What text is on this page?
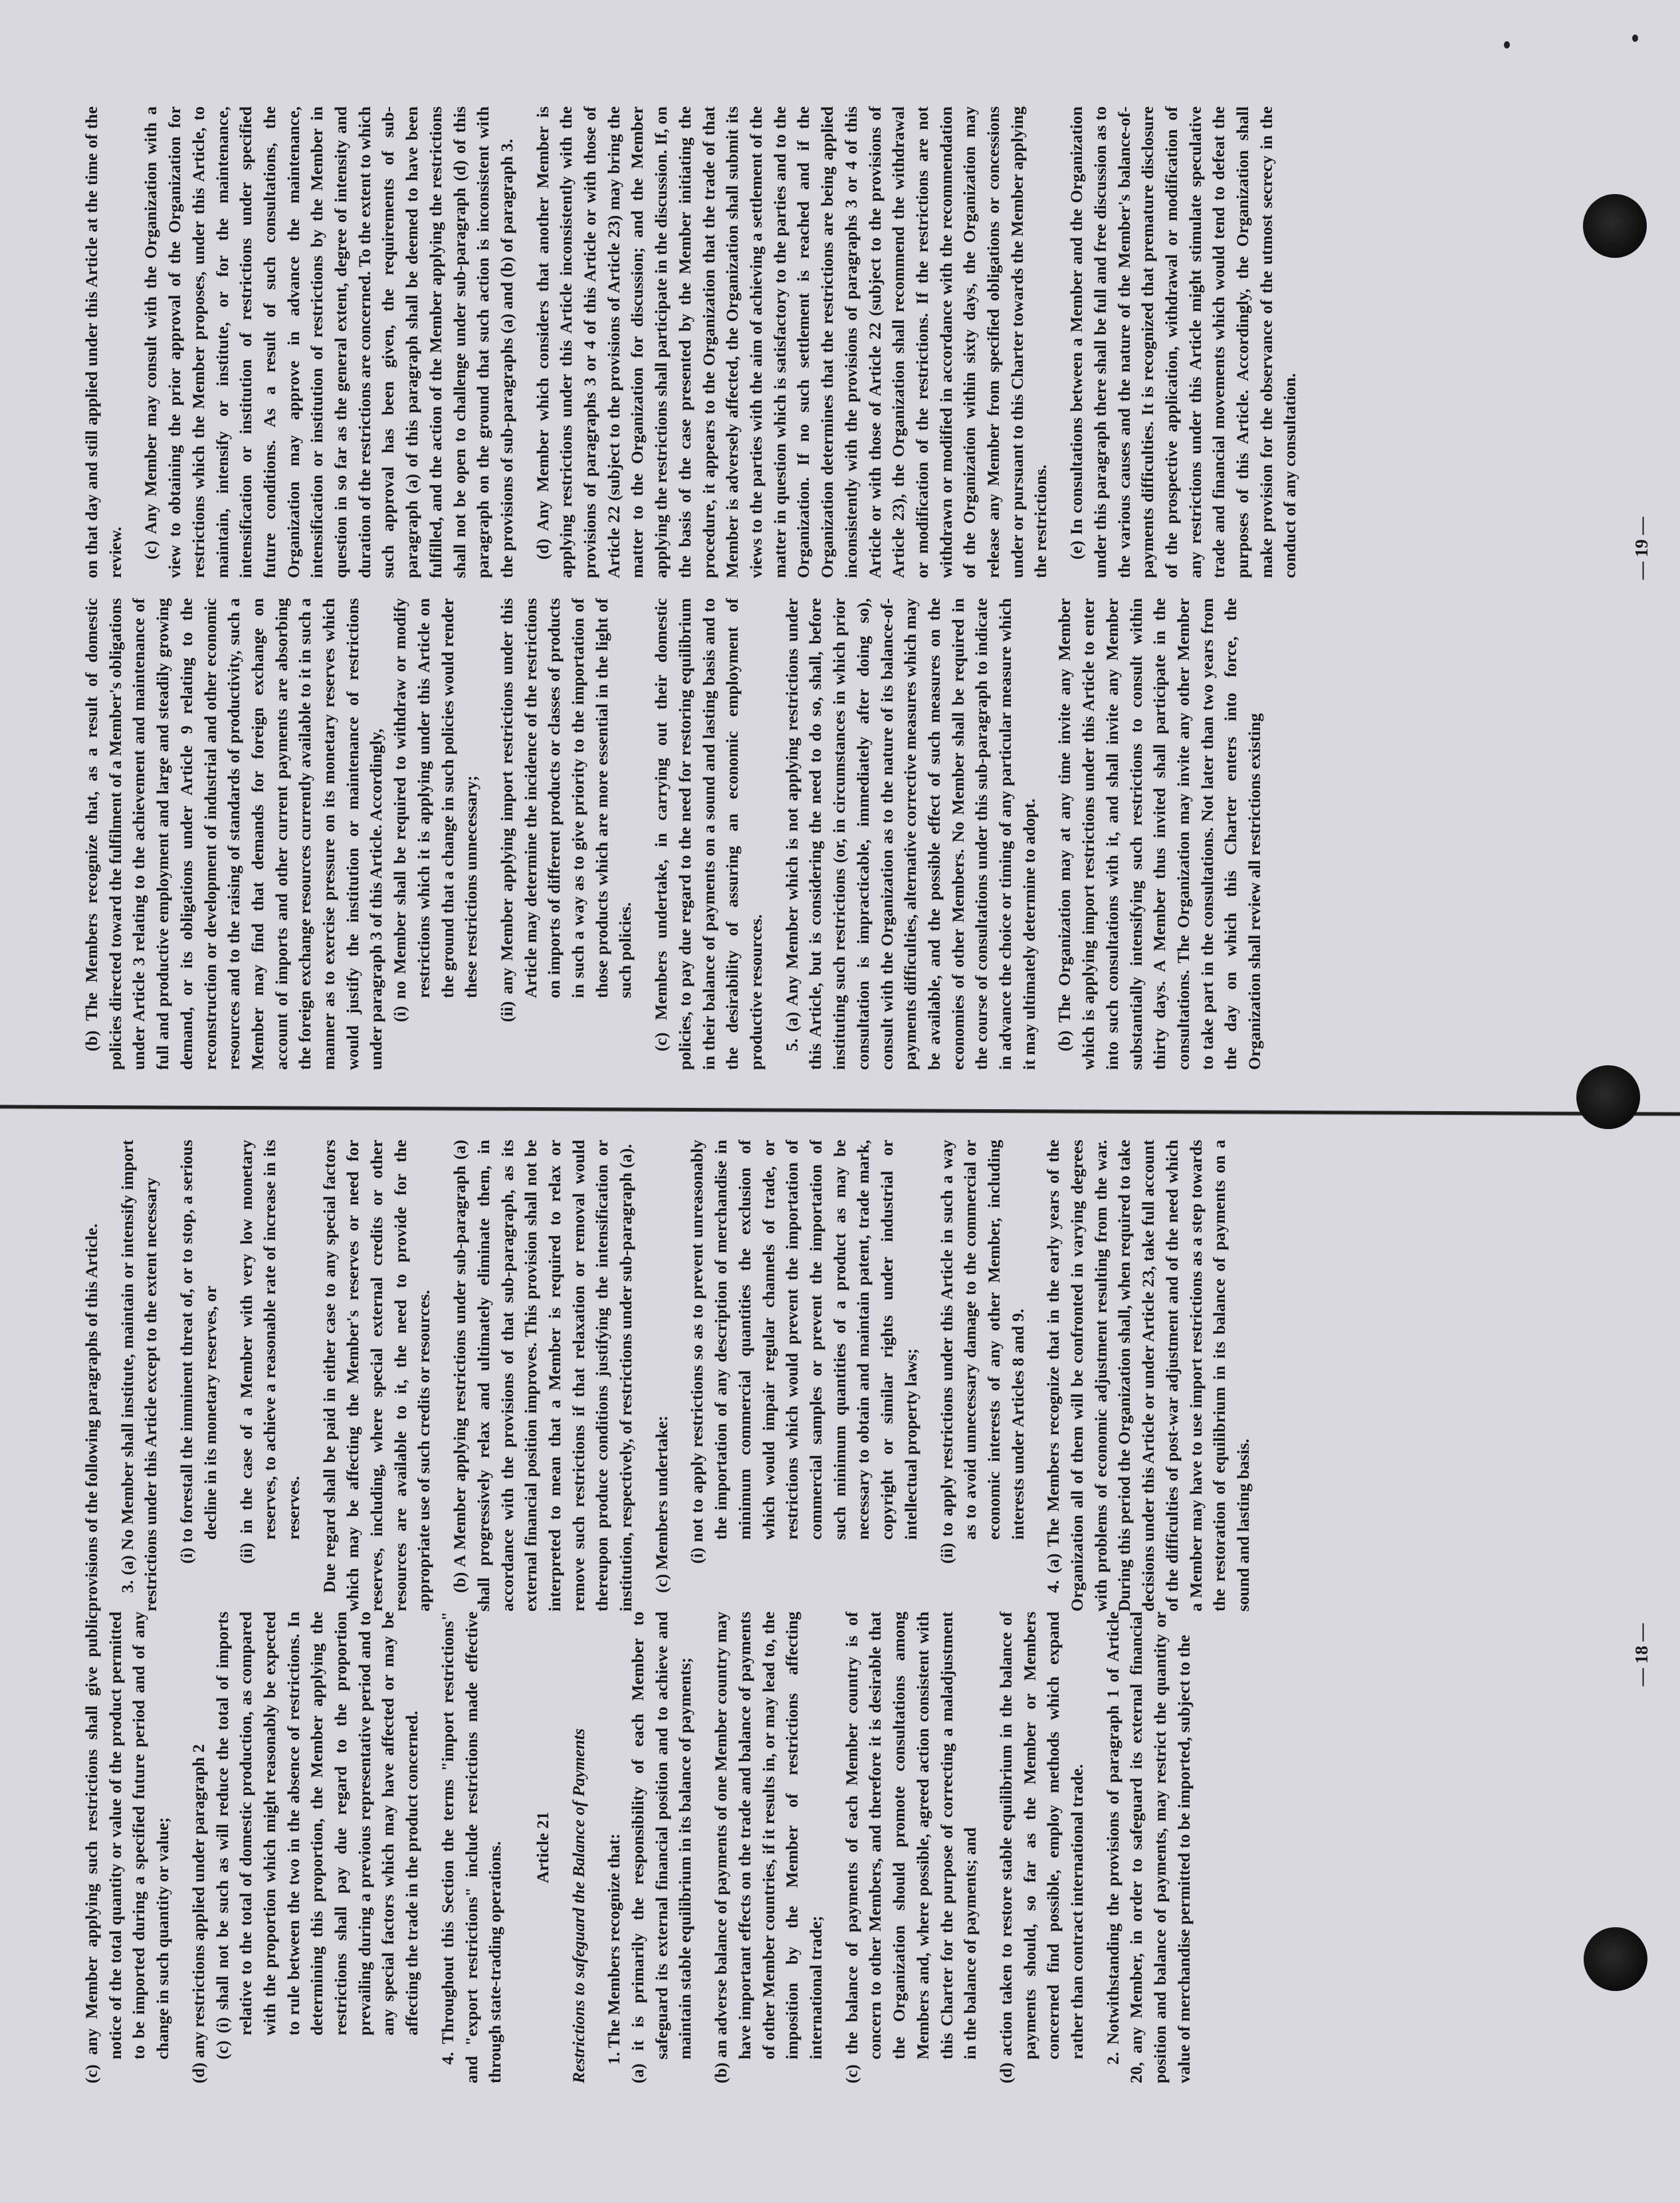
(c) any Member applying such restrictions shall give public notice of the total quantity or value of the product permitted to be imported during a specified future period and of any change in such quantity or value; (d) any restrictions applied under paragraph 2 (c) (i) shall not be such as will reduce the total of imports relative to the total of domestic production, as compared with the proportion which might reasonably be expected to rule between the two in the absence of restrictions. In determining this proportion, the Member applying the restrictions shall pay due regard to the proportion prevailing during a previous representative period and to any special factors which may have affected or may be affecting the trade in the product concerned. 4. Throughout this Section the terms "import restrictions" and "export restrictions" include restrictions made effective through state-trading operations. Article 21 Restrictions to safeguard the Balance of Payments 1. The Members recognize that: (a) it is primarily the responsibility of each Member to safeguard its external financial position and to achieve and maintain stable equilibrium in its balance of payments; (b) an adverse balance of payments of one Member country may have important effects on the trade and balance of payments of other Member countries, if it results in, or may lead to, the imposition by the Member of restrictions affecting international trade; (c) the balance of payments of each Member country is of concern to other Members, and therefore it is desirable that the Organization should promote consultations among Members and, where possible, agreed action consistent with this Charter for the purpose of correcting a maladjustment in the balance of payments; and (d) action taken to restore stable equilibrium in the balance of payments should, so far as the Member or Members concerned find possible, employ methods which expand rather than contract international trade. 2. Notwithstanding the provisions of paragraph 1 of Article 20, any Member, in order to safeguard its external financial position and balance of payments, may restrict the quantity or value of merchandise permitted to be imported, subject to the

provisions of the following paragraphs of this Article. 3. (a) No Member shall institute, maintain or intensify import restrictions under this Article except to the extent necessary (i) to forestall the imminent threat of, or to stop, a serious decline in its monetary reserves, or (ii) in the case of a Member with very low monetary reserves, to achieve a reasonable rate of increase in its reserves. Due regard shall be paid in either case to any special factors which may be affecting the Member's reserves or need for reserves, including, where special external credits or other resources are available to it, the need to provide for the appropriate use of such credits or resources. (b) A Member applying restrictions under sub-paragraph (a) shall progressively relax and ultimately eliminate them, in accordance with the provisions of that sub-paragraph, as its external financial position improves. This provision shall not be interpreted to mean that a Member is required to relax or remove such restrictions if that relaxation or removal would thereupon produce conditions justifying the intensification or institution, respectively, of restrictions under sub-paragraph (a). (c) Members undertake: (i) not to apply restrictions so as to prevent unreasonably the importation of any description of merchandise in minimum commercial quantities the exclusion of which would impair regular channels of trade, or restrictions which would prevent the importation of commercial samples or prevent the importation of such minimum quantities of a product as may be necessary to obtain and maintain patent, trade mark, copyright or similar rights under industrial or intellectual property laws; (ii) to apply restrictions under this Article in such a way as to avoid unnecessary damage to the commercial or economic interests of any other Member, including interests under Articles 8 and 9. 4. (a) The Members recognize that in the early years of the Organization all of them will be confronted in varying degrees with problems of economic adjustment resulting from the war. During this period the Organization shall, when required to take decisions under this Article or under Article 23, take full account of the difficulties of post-war adjustment and of the need which a Member may have to use import restrictions as a step towards the restoration of equilibrium in its balance of payments on a sound and lasting basis.

— 18 —

(b) The Members recognize that, as a result of domestic policies directed toward the fulfilment of a Member's obligations under Article 3 relating to the achievement and maintenance of full and productive employment and large and steadily growing demand, or its obligations under Article 9 relating to the reconstruction or development of industrial and other economic resources and to the raising of standards of productivity, such a Member may find that demands for foreign exchange on account of imports and other current payments are absorbing the foreign exchange resources currently available to it in such a manner as to exercise pressure on its monetary reserves which would justify the institution or maintenance of restrictions under paragraph 3 of this Article. Accordingly, (i) no Member shall be required to withdraw or modify restrictions which it is applying under this Article on the ground that a change in such policies would render these restrictions unnecessary; (ii) any Member applying import restrictions under this Article may determine the incidence of the restrictions on imports of different products or classes of products in such a way as to give priority to the importation of those products which are more essential in the light of such policies. (c) Members undertake, in carrying out their domestic policies, to pay due regard to the need for restoring equilibrium in their balance of payments on a sound and lasting basis and to the desirability of assuring an economic employment of productive resources. 5. (a) Any Member which is not applying restrictions under this Article, but is considering the need to do so, shall, before instituting such restrictions (or, in circumstances in which prior consultation is impracticable, immediately after doing so), consult with the Organization as to the nature of its balance-of-payments difficulties, alternative corrective measures which may be available, and the possible effect of such measures on the economies of other Members. No Member shall be required in the course of consultations under this sub-paragraph to indicate in advance the choice or timing of any particular measure which it may ultimately determine to adopt. (b) The Organization may at any time invite any Member which is applying import restrictions under this Article to enter into such consultations with it, and shall invite any Member substantially intensifying such restrictions to consult within thirty days. A Member thus invited shall participate in the consultations. The Organization may invite any other Member to take part in the consultations. Not later than two years from the day on which this Charter enters into force, the Organization shall review all restrictions existing

on that day and still applied under this Article at the time of the review. (c) Any Member may consult with the Organization with a view to obtaining the prior approval of the Organization for restrictions which the Member proposes, under this Article, to maintain, intensify or institute, or for the maintenance, intensification or institution of restrictions under specified future conditions. As a result of such consultations, the Organization may approve in advance the maintenance, intensification or institution of restrictions by the Member in question in so far as the general extent, degree of intensity and duration of the restrictions are concerned. To the extent to which such approval has been given, the requirements of sub-paragraph (a) of this paragraph shall be deemed to have been fulfilled, and the action of the Member applying the restrictions shall not be open to challenge under sub-paragraph (d) of this paragraph on the ground that such action is inconsistent with the provisions of sub-paragraphs (a) and (b) of paragraph 3. (d) Any Member which considers that another Member is applying restrictions under this Article inconsistently with the provisions of paragraphs 3 or 4 of this Article or with those of Article 22 (subject to the provisions of Article 23) may bring the matter to the Organization for discussion; and the Member applying the restrictions shall participate in the discussion. If, on the basis of the case presented by the Member initiating the procedure, it appears to the Organization that the trade of that Member is adversely affected, the Organization shall submit its views to the parties with the aim of achieving a settlement of the matter in question which is satisfactory to the parties and to the Organization. If no such settlement is reached and if the Organization determines that the restrictions are being applied inconsistently with the provisions of paragraphs 3 or 4 of this Article or with those of Article 22 (subject to the provisions of Article 23), the Organization shall recommend the withdrawal or modification of the restrictions. If the restrictions are not withdrawn or modified in accordance with the recommendation of the Organization within sixty days, the Organization may release any Member from specified obligations or concessions under or pursuant to this Charter towards the Member applying the restrictions. (e) In consultations between a Member and the Organization under this paragraph there shall be full and free discussion as to the various causes and the nature of the Member's balance-of-payments difficulties. It is recognized that premature disclosure of the prospective application, withdrawal or modification of any restrictions under this Article might stimulate speculative trade and financial movements which would tend to defeat the purposes of this Article. Accordingly, the Organization shall make provision for the observance of the utmost secrecy in the conduct of any consultation.	— 19 —
